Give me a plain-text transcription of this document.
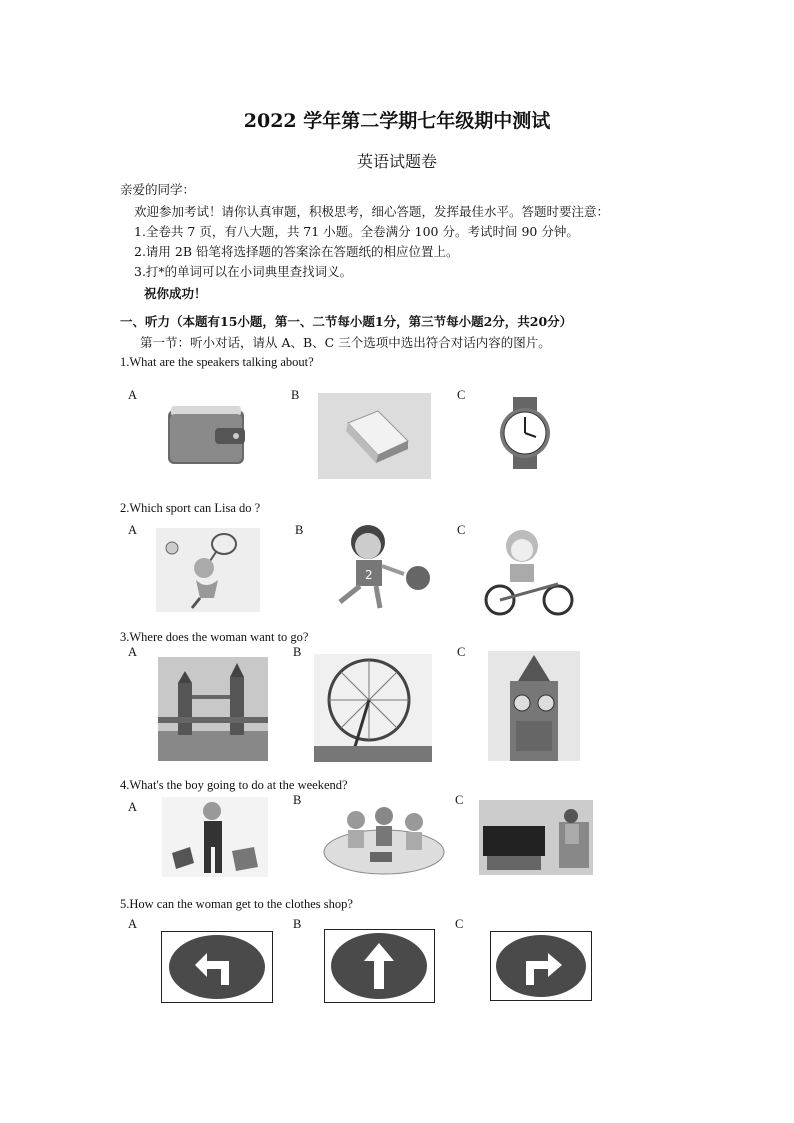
2022 学年第二学期七年级期中测试
英语试题卷
亲爱的同学：
欢迎参加考试！请你认真审题，积极思考，细心答题，发挥最佳水平。答题时要注意：
1.全卷共 7 页，有八大题，共 71 小题。全卷满分 100 分。考试时间 90 分钟。
2.请用 2B 铅笔将选择题的答案涂在答题纸的相应位置上。
3.打*的单词可以在小词典里查找词义。
祝你成功！
一、听力（本题有15小题，第一、二节每小题1分，第三节每小题2分，共20分）
第一节：听小对话，请从 A、B、C 三个选项中选出符合对话内容的图片。
1.What are the speakers talking about?
A	B	C
2.Which sport can Lisa do ?
A	B	C
2
3.Where does the woman want to go?
A	B	C
4.What's the boy going to do at the weekend?
A	B	C
5.How can the woman get to the clothes shop?
A	B	C
